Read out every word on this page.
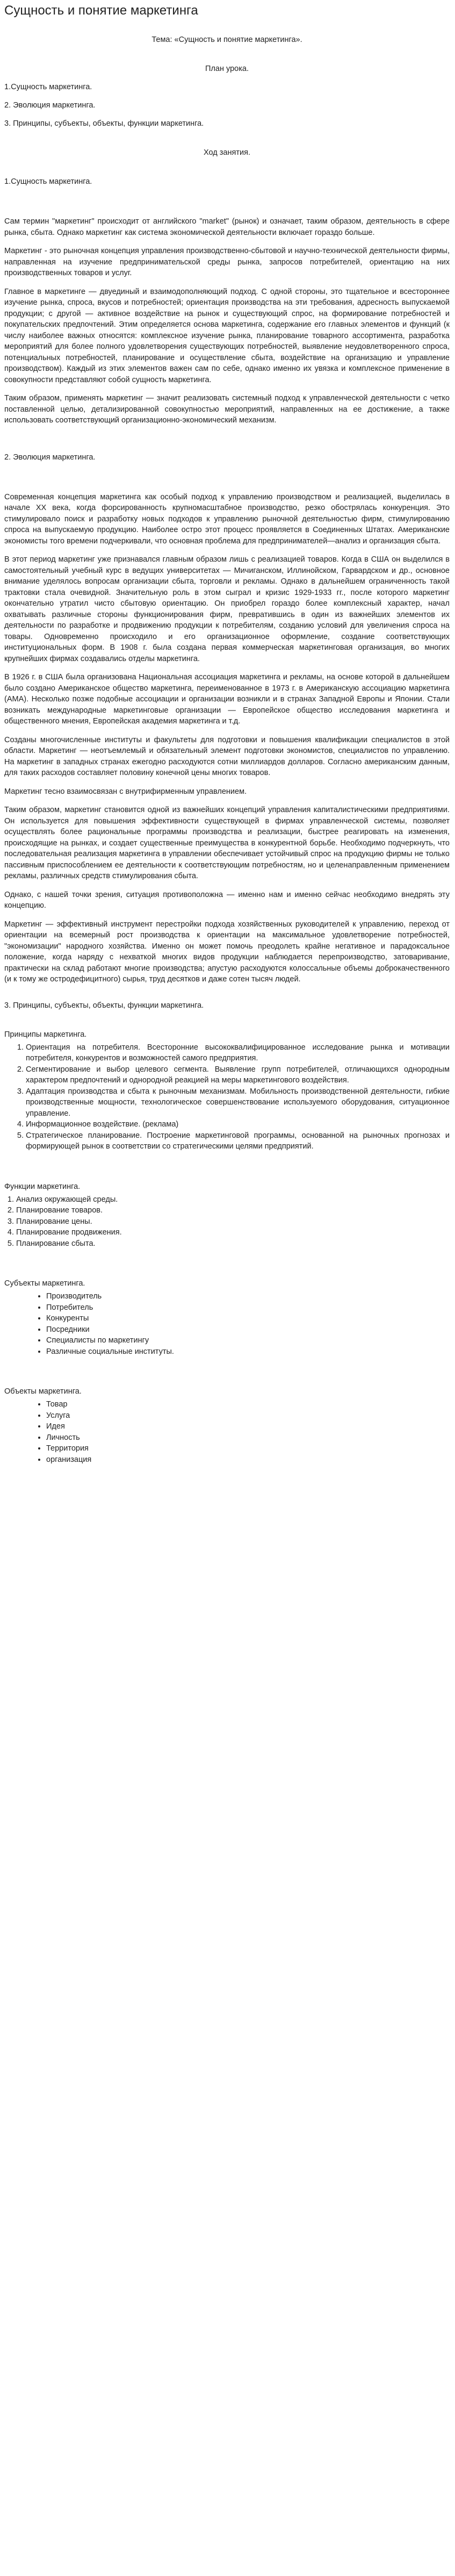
Сущность и понятие маркетинга

Тема: «Сущность и понятие маркетинга».

План урока.

1.Сущность маркетинга.

2. Эволюция маркетинга.

3. Принципы, субъекты, объекты, функции маркетинга.

Ход занятия.

1.Сущность маркетинга.

Сам термин "маркетинг" происходит от английского "market" (рынок) и означает, таким образом, деятельность в сфере рынка, сбыта. Однако маркетинг как система экономической деятельности включает гораздо больше.

Маркетинг - это рыночная концепция управления производственно-сбытовой и научно-технической деятельности фирмы, направленная на изучение предпринимательской среды рынка, запросов потребителей, ориентацию на них производственных товаров и услуг.

Главное в маркетинге — двуединый и взаимодополняющий подход. С одной стороны, это тщательное и всестороннее изучение рынка, спроса, вкусов и потребностей; ориентация производства на эти требования, адресность выпускаемой продукции; с другой — активное воздействие на рынок и существующий спрос, на формирование потребностей и покупательских предпочтений. Этим определяется основа маркетинга, содержание его главных элементов и функций (к числу наиболее важных относятся: комплексное изучение рынка, планирование товарного ассортимента, разработка мероприятий для более полного удовлетворения существующих потребностей, выявление неудовлетворенного спроса, потенциальных потребностей, планирование и осуществление сбыта, воздействие на организацию и управление производством). Каждый из этих элементов важен сам по себе, однако именно их увязка и комплексное применение в совокупности представляют собой сущность маркетинга.

Таким образом, применять маркетинг — значит реализовать системный подход к управленческой деятельности с четко поставленной целью, детализированной совокупностью мероприятий, направленных на ее достижение, а также использовать соответствующий организационно-экономический механизм.

2. Эволюция маркетинга.

Современная концепция маркетинга как особый подход к управлению производством и реализацией, выделилась в начале XX века, когда форсированность крупномасштабное производство, резко обострялась конкуренция. Это стимулировало поиск и разработку новых подходов к управлению рыночной деятельностью фирм, стимулированию спроса на выпускаемую продукцию. Наиболее остро этот процесс проявляется в Соединенных Штатах. Американские экономисты того времени подчеркивали, что основная проблема для предпринимателей—анализ и организация сбыта.

В этот период маркетинг уже признавался главным образом лишь с реализацией товаров. Когда в США он выделился в самостоятельный учебный курс в ведущих университетах — Мичиганском, Иллинойском, Гарвардском и др., основное внимание уделялось вопросам организации сбыта, торговли и рекламы. Однако в дальнейшем ограниченность такой трактовки стала очевидной. Значительную роль в этом сыграл и кризис 1929-1933 гг., после которого маркетинг окончательно утратил чисто сбытовую ориентацию. Он приобрел гораздо более комплексный характер, начал охватывать различные стороны функционирования фирм, превратившись в один из важнейших элементов их деятельности по разработке и продвижению продукции к потребителям, созданию условий для увеличения спроса на товары. Одновременно происходило и его организационное оформление, создание соответствующих институциональных форм. В 1908 г. была создана первая коммерческая маркетинговая организация, во многих крупнейших фирмах создавались отделы маркетинга.

В 1926 г. в США была организована Национальная ассоциация маркетинга и рекламы, на основе которой в дальнейшем было создано Американское общество маркетинга, переименованное в 1973 г. в Американскую ассоциацию маркетинга (АМА). Несколько позже подобные ассоциации и организации возникли и в странах Западной Европы и Японии. Стали возникать международные маркетинговые организации — Европейское общество исследования маркетинга и общественного мнения, Европейская академия маркетинга и т.д.

Созданы многочисленные институты и факультеты для подготовки и повышения квалификации специалистов в этой области. Маркетинг — неотъемлемый и обязательный элемент подготовки экономистов, специалистов по управлению. На маркетинг в западных странах ежегодно расходуются сотни миллиардов долларов. Согласно американским данным, для таких расходов составляет половину конечной цены многих товаров.

Маркетинг тесно взаимосвязан с внутрифирменным управлением.

Таким образом, маркетинг становится одной из важнейших концепций управления капиталистическими предприятиями. Он используется для повышения эффективности существующей в фирмах управленческой системы, позволяет осуществлять более рациональные программы производства и реализации, быстрее реагировать на изменения, происходящие на рынках, и создает существенные преимущества в конкурентной борьбе. Необходимо подчеркнуть, что последовательная реализация маркетинга в управлении обеспечивает устойчивый спрос на продукцию фирмы не только пассивным приспособлением ее деятельности к соответствующим потребностям, но и целенаправленным применением рекламы, различных средств стимулирования сбыта.

Однако, с нашей точки зрения, ситуация противоположна — именно нам и именно сейчас необходимо внедрять эту концепцию.

Маркетинг — эффективный инструмент перестройки подхода хозяйственных руководителей к управлению, переход от ориентации на всемерный рост производства к ориентации на максимальное удовлетворение потребностей, "экономизации" народного хозяйства. Именно он может помочь преодолеть крайне негативное и парадоксальное положение, когда наряду с нехваткой многих видов продукции наблюдается перепроизводство, затоваривание, практически на склад работают многие производства; апустую расходуются колоссальные объемы доброкачественного (и к тому же остродефицитного) сырья, труд десятков и даже сотен тысяч людей.

3. Принципы, субъекты, объекты, функции маркетинга.

Принципы маркетинга.

1. Ориентация на потребителя. Всесторонние высококвалифицированное исследование рынка и мотивации потребителя, конкурентов и возможностей самого предприятия.
2. Сегментирование и выбор целевого сегмента. Выявление групп потребителей, отличающихся однородным характером предпочтений и однородной реакцией на меры маркетингового воздействия.
3. Адаптация производства и сбыта к рыночным механизмам. Мобильность производственной деятельности, гибкие производственные мощности, технологическое совершенствование используемого оборудования, ситуационное управление.
4. Информационное воздействие. (реклама)
5. Стратегическое планирование. Построение маркетинговой программы, основанной на рыночных прогнозах и формирующей рынок в соответствии со стратегическими целями предприятий.

Функции маркетинга.

1. Анализ окружающей среды.
2. Планирование товаров.
3. Планирование цены.
4. Планирование продвижения.
5. Планирование сбыта.

Субъекты маркетинга.

• Производитель
• Потребитель
• Конкуренты
• Посредники
• Специалисты по маркетингу
• Различные социальные институты.

Объекты маркетинга.

• Товар
• Услуга
• Идея
• Личность
• Территория
• организация
